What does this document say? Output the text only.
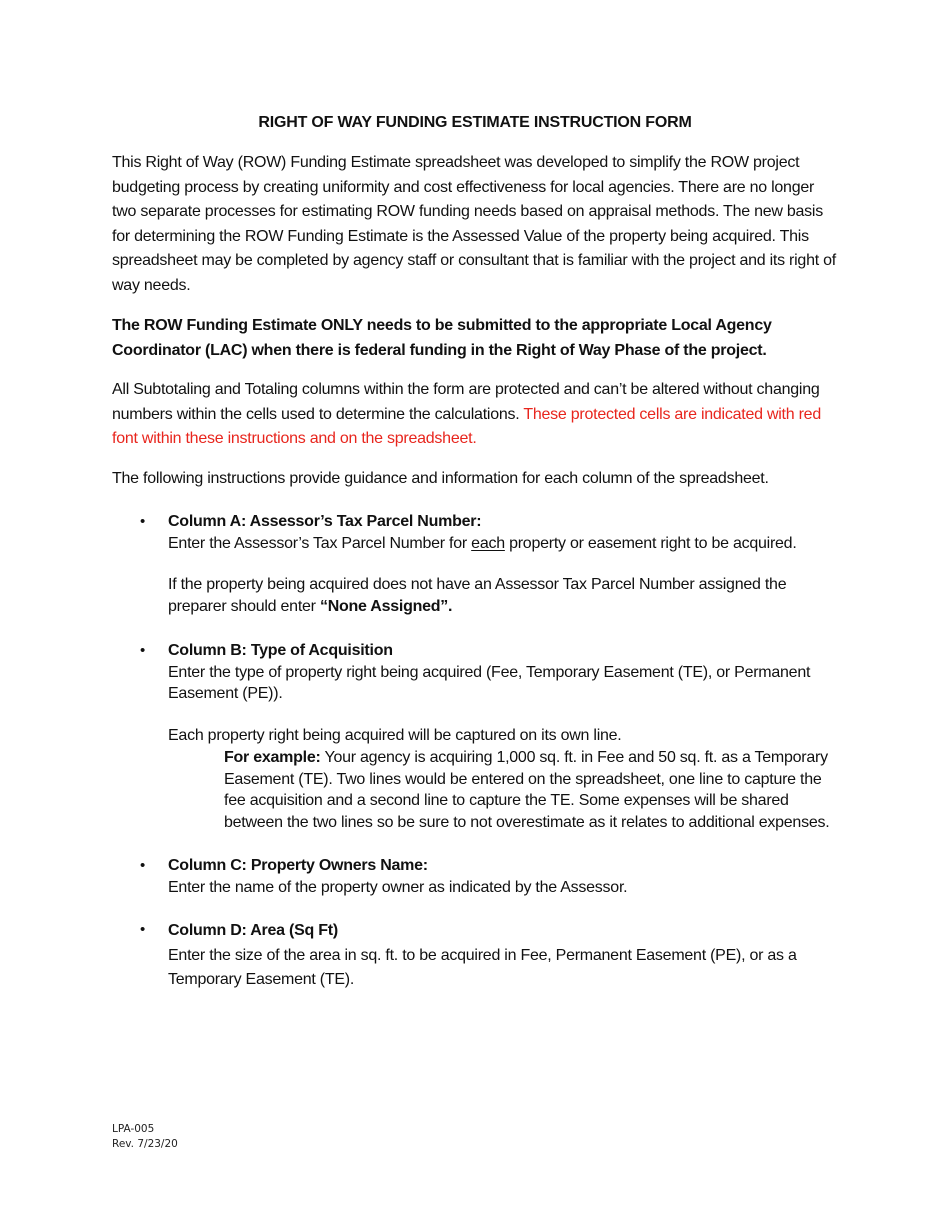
RIGHT OF WAY FUNDING ESTIMATE INSTRUCTION FORM

This Right of Way (ROW) Funding Estimate spreadsheet was developed to simplify the ROW project budgeting process by creating uniformity and cost effectiveness for local agencies. There are no longer two separate processes for estimating ROW funding needs based on appraisal methods. The new basis for determining the ROW Funding Estimate is the Assessed Value of the property being acquired. This spreadsheet may be completed by agency staff or consultant that is familiar with the project and its right of way needs.

The ROW Funding Estimate ONLY needs to be submitted to the appropriate Local Agency Coordinator (LAC) when there is federal funding in the Right of Way Phase of the project.

All Subtotaling and Totaling columns within the form are protected and can’t be altered without changing numbers within the cells used to determine the calculations. These protected cells are indicated with red font within these instructions and on the spreadsheet.

The following instructions provide guidance and information for each column of the spreadsheet.

• Column A: Assessor’s Tax Parcel Number:
Enter the Assessor’s Tax Parcel Number for each property or easement right to be acquired.

If the property being acquired does not have an Assessor Tax Parcel Number assigned the preparer should enter “None Assigned”.

• Column B: Type of Acquisition
Enter the type of property right being acquired (Fee, Temporary Easement (TE), or Permanent Easement (PE)).

Each property right being acquired will be captured on its own line.

For example: Your agency is acquiring 1,000 sq. ft. in Fee and 50 sq. ft. as a Temporary Easement (TE). Two lines would be entered on the spreadsheet, one line to capture the fee acquisition and a second line to capture the TE. Some expenses will be shared between the two lines so be sure to not overestimate as it relates to additional expenses.

• Column C: Property Owners Name:
Enter the name of the property owner as indicated by the Assessor.

• Column D: Area (Sq Ft)
Enter the size of the area in sq. ft. to be acquired in Fee, Permanent Easement (PE), or as a Temporary Easement (TE).

LPA-005
Rev. 7/23/20
